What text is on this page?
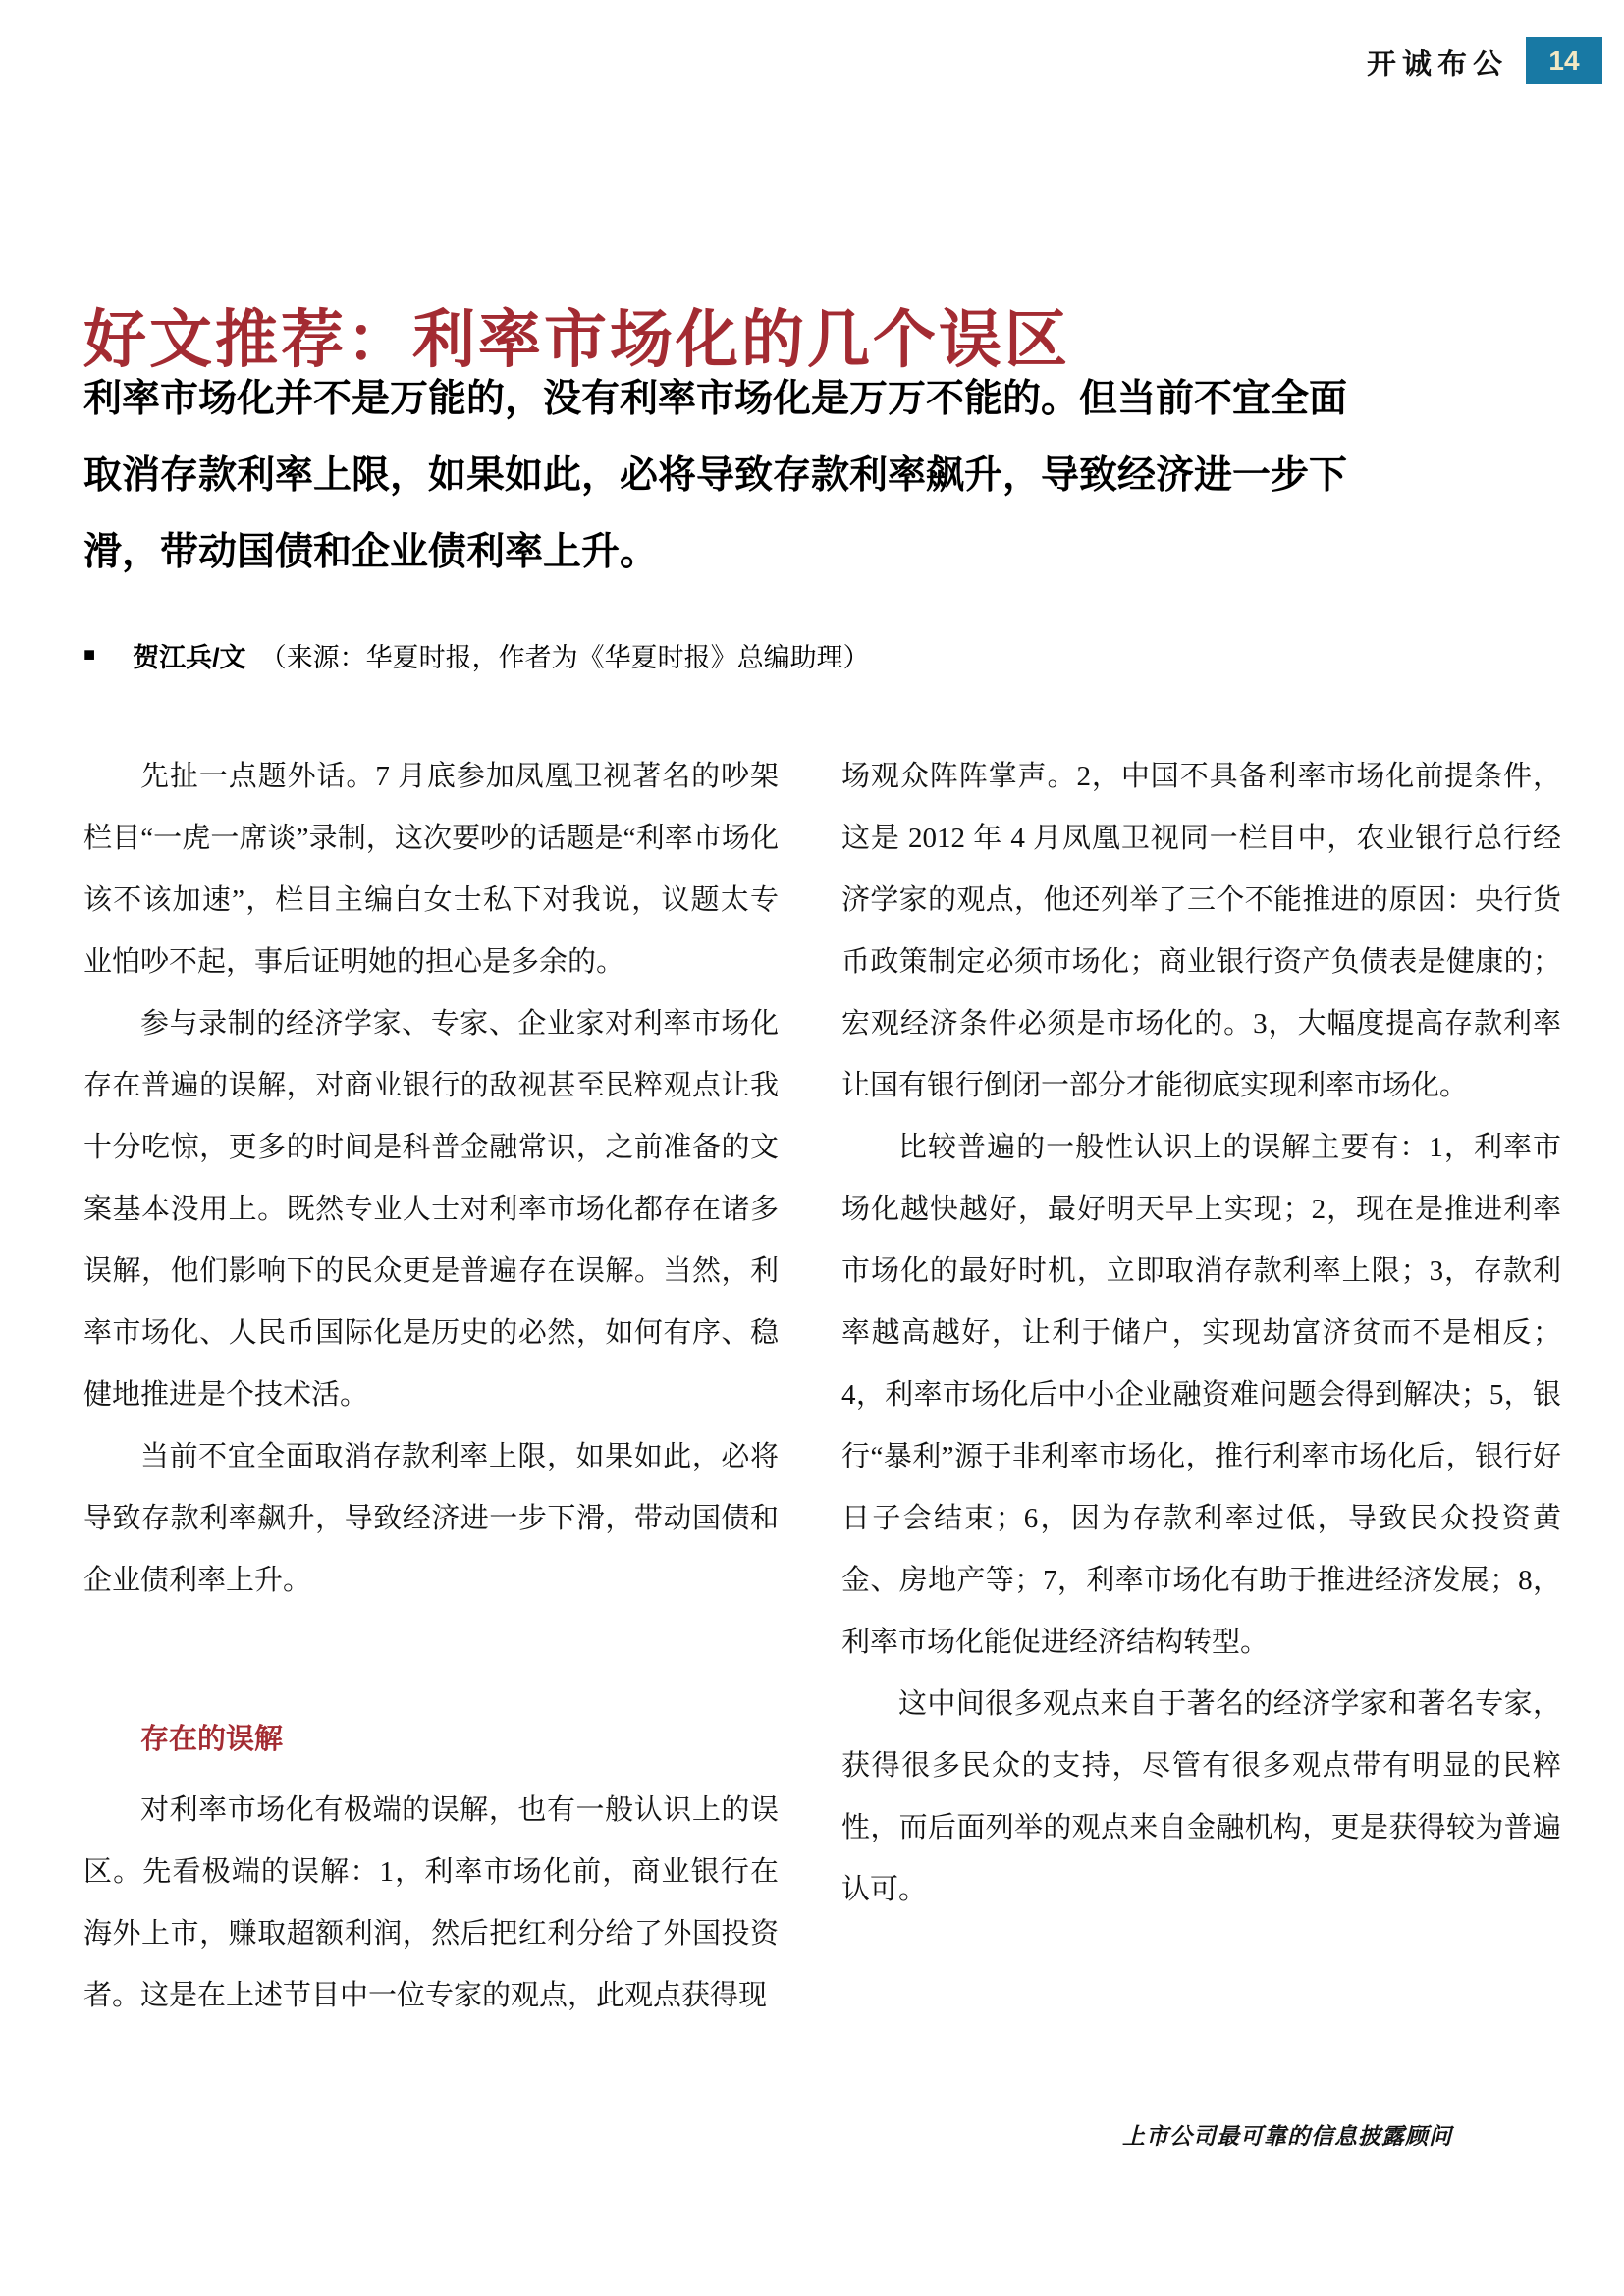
开诚布公 14
好文推荐：利率市场化的几个误区
利率市场化并不是万能的，没有利率市场化是万万不能的。但当前不宜全面
取消存款利率上限，如果如此，必将导致存款利率飙升，导致经济进一步下
滑，带动国债和企业债利率上升。
■ 贺江兵/文 （来源：华夏时报，作者为《华夏时报》总编助理）

先扯一点题外话。7 月底参加凤凰卫视著名的吵架栏目“一虎一席谈”录制，这次要吵的话题是“利率市场化该不该加速”，栏目主编白女士私下对我说，议题太专业怕吵不起，事后证明她的担心是多余的。

参与录制的经济学家、专家、企业家对利率市场化存在普遍的误解，对商业银行的敌视甚至民粹观点让我十分吃惊，更多的时间是科普金融常识，之前准备的文案基本没用上。既然专业人士对利率市场化都存在诸多误解，他们影响下的民众更是普遍存在误解。当然，利率市场化、人民币国际化是历史的必然，如何有序、稳健地推进是个技术活。

当前不宜全面取消存款利率上限，如果如此，必将导致存款利率飙升，导致经济进一步下滑，带动国债和企业债利率上升。

存在的误解

对利率市场化有极端的误解，也有一般认识上的误区。先看极端的误解：1，利率市场化前，商业银行在海外上市，赚取超额利润，然后把红利分给了外国投资者。这是在上述节目中一位专家的观点，此观点获得现

场观众阵阵掌声。2，中国不具备利率市场化前提条件，这是 2012 年 4 月凤凰卫视同一栏目中，农业银行总行经济学家的观点，他还列举了三个不能推进的原因：央行货币政策制定必须市场化；商业银行资产负债表是健康的；宏观经济条件必须是市场化的。3，大幅度提高存款利率让国有银行倒闭一部分才能彻底实现利率市场化。

比较普遍的一般性认识上的误解主要有：1，利率市场化越快越好，最好明天早上实现；2，现在是推进利率市场化的最好时机，立即取消存款利率上限；3，存款利率越高越好，让利于储户，实现劫富济贫而不是相反；4，利率市场化后中小企业融资难问题会得到解决；5，银行“暴利”源于非利率市场化，推行利率市场化后，银行好日子会结束；6，因为存款利率过低，导致民众投资黄金、房地产等；7，利率市场化有助于推进经济发展；8，利率市场化能促进经济结构转型。

这中间很多观点来自于著名的经济学家和著名专家，获得很多民众的支持，尽管有很多观点带有明显的民粹性，而后面列举的观点来自金融机构，更是获得较为普遍认可。

上市公司最可靠的信息披露顾问
